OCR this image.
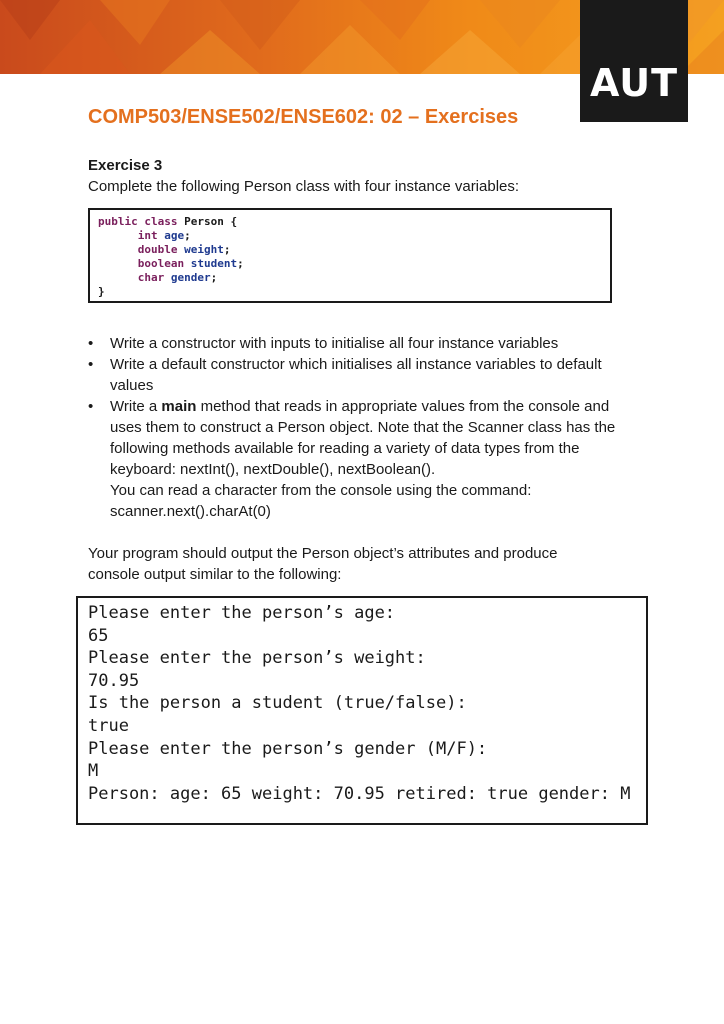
AUT
COMP503/ENSE502/ENSE602: 02 – Exercises
Exercise 3
Complete the following Person class with four instance variables:
public class Person {
int age;
double weight;
boolean student;
char gender;
}
• Write a constructor with inputs to initialise all four instance variables
• Write a default constructor which initialises all instance variables to default
values
• Write a main method that reads in appropriate values from the console and
uses them to construct a Person object. Note that the Scanner class has the
following methods available for reading a variety of data types from the
keyboard: nextInt(), nextDouble(), nextBoolean().
You can read a character from the console using the command:
scanner.next().charAt(0)
Your program should output the Person object’s attributes and produce
console output similar to the following:
Please enter the person’s age:
65
Please enter the person’s weight:
70.95
Is the person a student (true/false):
true
Please enter the person’s gender (M/F):
M
Person: age: 65 weight: 70.95 retired: true gender: M
